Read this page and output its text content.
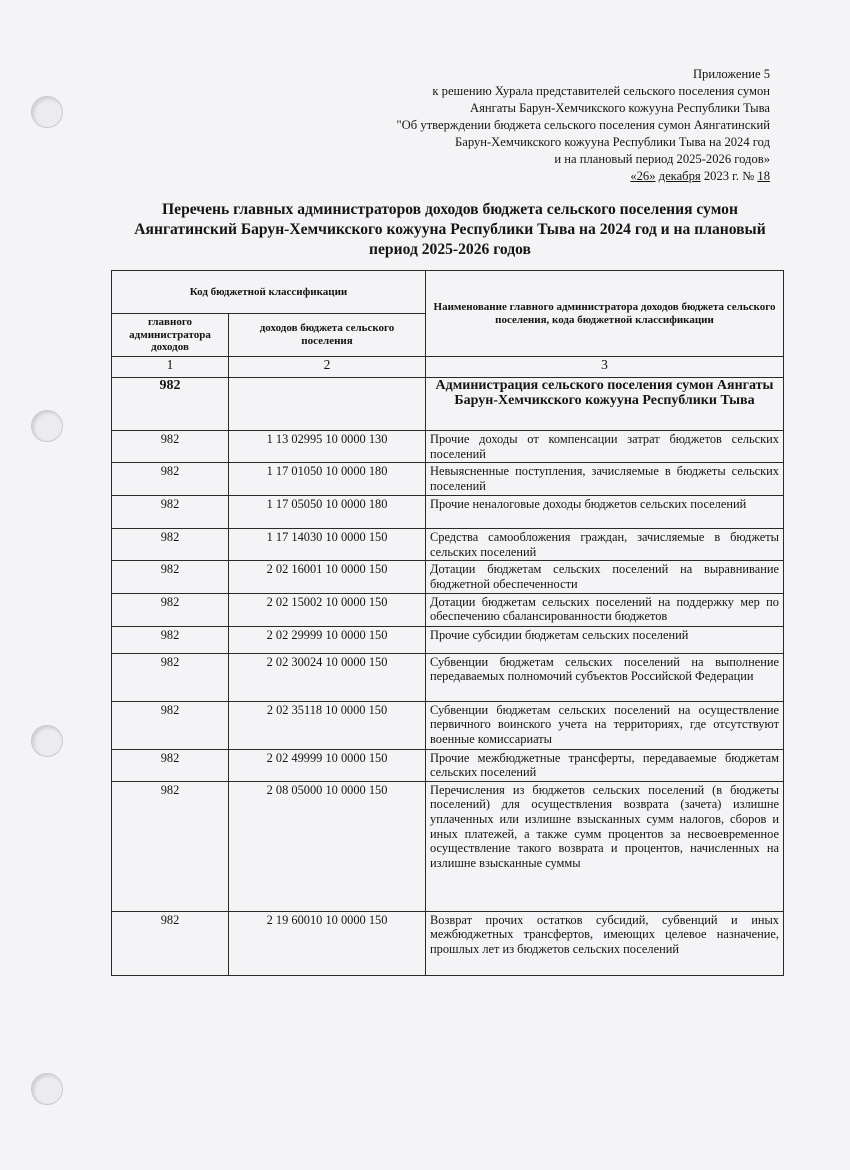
Приложение 5
к решению Хурала представителей сельского поселения сумон
Аянгаты Барун-Хемчикского кожууна Республики Тыва
"Об утверждении бюджета сельского поселения сумон Аянгатинский
Барун-Хемчикского кожууна Республики Тыва на 2024 год
и на плановый период 2025-2026 годов»
«26» декабря 2023 г. № 18
Перечень главных администраторов доходов бюджета сельского поселения сумон Аянгатинский Барун-Хемчикского кожууна Республики Тыва на 2024 год и на плановый период 2025-2026 годов
Код бюджетной классификации		Наименование главного администратора доходов бюджета сельского поселения, кода бюджетной классификации
главного администратора доходов	доходов бюджета сельского поселения	
1	2	3
982		Администрация сельского поселения сумон Аянгаты Барун-Хемчикского кожууна Республики Тыва
982	1 13 02995 10 0000 130	Прочие доходы от компенсации затрат бюджетов сельских поселений
982	1 17 01050 10 0000 180	Невыясненные поступления, зачисляемые в бюджеты сельских поселений
982	1 17 05050 10 0000 180	Прочие неналоговые доходы бюджетов сельских поселений
982	1 17 14030 10 0000 150	Средства самообложения граждан, зачисляемые в бюджеты сельских поселений
982	2 02 16001 10 0000 150	Дотации бюджетам сельских поселений на выравнивание бюджетной обеспеченности
982	2 02 15002 10 0000 150	Дотации бюджетам сельских поселений на поддержку мер по обеспечению сбалансированности бюджетов
982	2 02 29999 10 0000 150	Прочие субсидии бюджетам сельских поселений
982	2 02 30024 10 0000 150	Субвенции бюджетам сельских поселений на выполнение передаваемых полномочий субъектов Российской Федерации
982	2 02 35118 10 0000 150	Субвенции бюджетам сельских поселений на осуществление первичного воинского учета на территориях, где отсутствуют военные комиссариаты
982	2 02 49999 10 0000 150	Прочие межбюджетные трансферты, передаваемые бюджетам сельских поселений
982	2 08 05000 10 0000 150	Перечисления из бюджетов сельских поселений (в бюджеты поселений) для осуществления возврата (зачета) излишне уплаченных или излишне взысканных сумм налогов, сборов и иных платежей, а также сумм процентов за несвоевременное осуществление такого возврата и процентов, начисленных на излишне взысканные суммы
982	2 19 60010 10 0000 150	Возврат прочих остатков субсидий, субвенций и иных межбюджетных трансфертов, имеющих целевое назначение, прошлых лет из бюджетов сельских поселений
